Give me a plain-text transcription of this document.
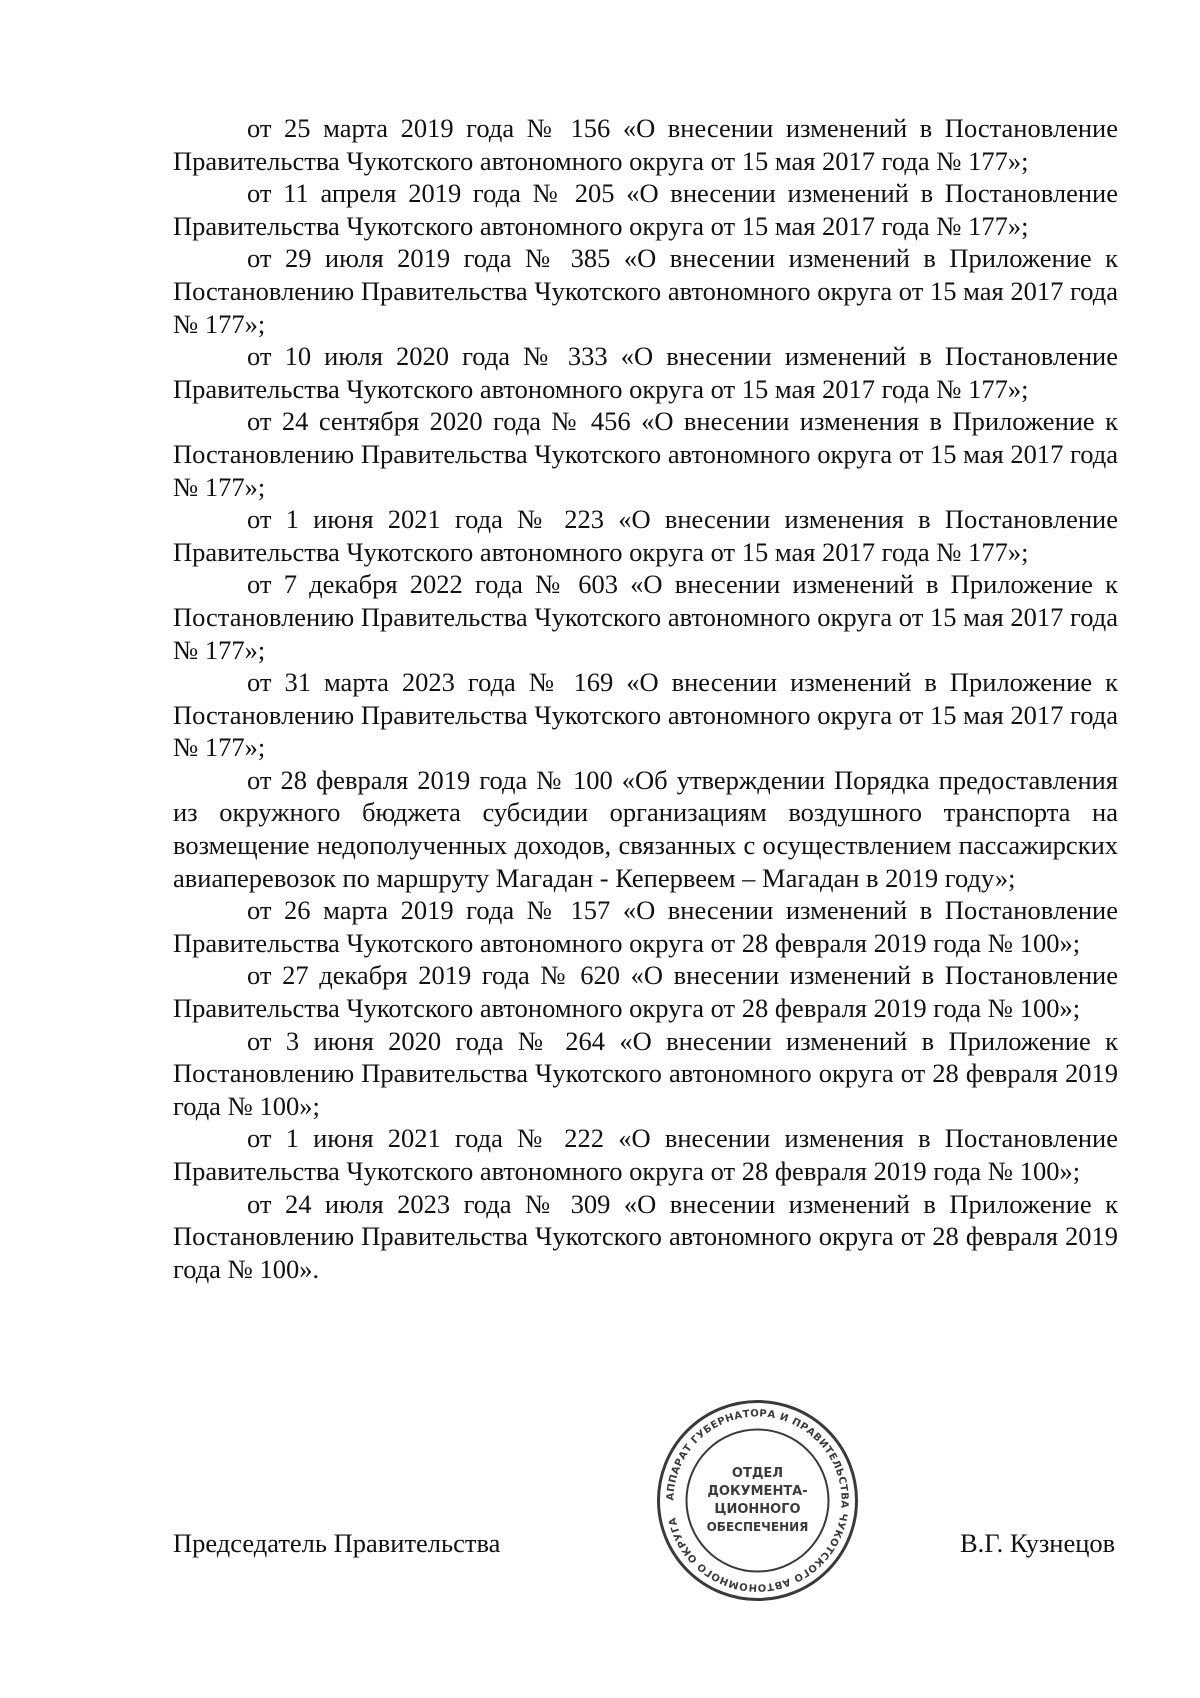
от 25 марта 2019 года № 156 «О внесении изменений в Постановление Правительства Чукотского автономного округа от 15 мая 2017 года № 177»;

от 11 апреля 2019 года № 205 «О внесении изменений в Постановление Правительства Чукотского автономного округа от 15 мая 2017 года № 177»;

от 29 июля 2019 года № 385 «О внесении изменений в Приложение к Постановлению Правительства Чукотского автономного округа от 15 мая 2017 года № 177»;

от 10 июля 2020 года № 333 «О внесении изменений в Постановление Правительства Чукотского автономного округа от 15 мая 2017 года № 177»;

от 24 сентября 2020 года № 456 «О внесении изменения в Приложение к Постановлению Правительства Чукотского автономного округа от 15 мая 2017 года № 177»;

от 1 июня 2021 года № 223 «О внесении изменения в Постановление Правительства Чукотского автономного округа от 15 мая 2017 года № 177»;

от 7 декабря 2022 года № 603 «О внесении изменений в Приложение к Постановлению Правительства Чукотского автономного округа от 15 мая 2017 года № 177»;

от 31 марта 2023 года № 169 «О внесении изменений в Приложение к Постановлению Правительства Чукотского автономного округа от 15 мая 2017 года № 177»;

от 28 февраля 2019 года № 100 «Об утверждении Порядка предоставления из окружного бюджета субсидии организациям воздушного транспорта на возмещение недополученных доходов, связанных с осуществлением пассажирских авиаперевозок по маршруту Магадан - Кепервеем – Магадан в 2019 году»;

от 26 марта 2019 года № 157 «О внесении изменений в Постановление Правительства Чукотского автономного округа от 28 февраля 2019 года № 100»;

от 27 декабря 2019 года № 620 «О внесении изменений в Постановление Правительства Чукотского автономного округа от 28 февраля 2019 года № 100»;

от 3 июня 2020 года № 264 «О внесении изменений в Приложение к Постановлению Правительства Чукотского автономного округа от 28 февраля 2019 года № 100»;

от 1 июня 2021 года № 222 «О внесении изменения в Постановление Правительства Чукотского автономного округа от 28 февраля 2019 года № 100»;

от 24 июля 2023 года № 309 «О внесении изменений в Приложение к Постановлению Правительства Чукотского автономного округа от 28 февраля 2019 года № 100».

Председатель Правительства
АППАРАТ ГУБЕРНАТОРА И ПРАВИТЕЛЬСТВА ЧУКОТСКОГО АВТОНОМНОГО ОКРУГА
ОТДЕЛ
ДОКУМЕНТА-
ЦИОННОГО
ОБЕСПЕЧЕНИЯ
В.Г. Кузнецов
